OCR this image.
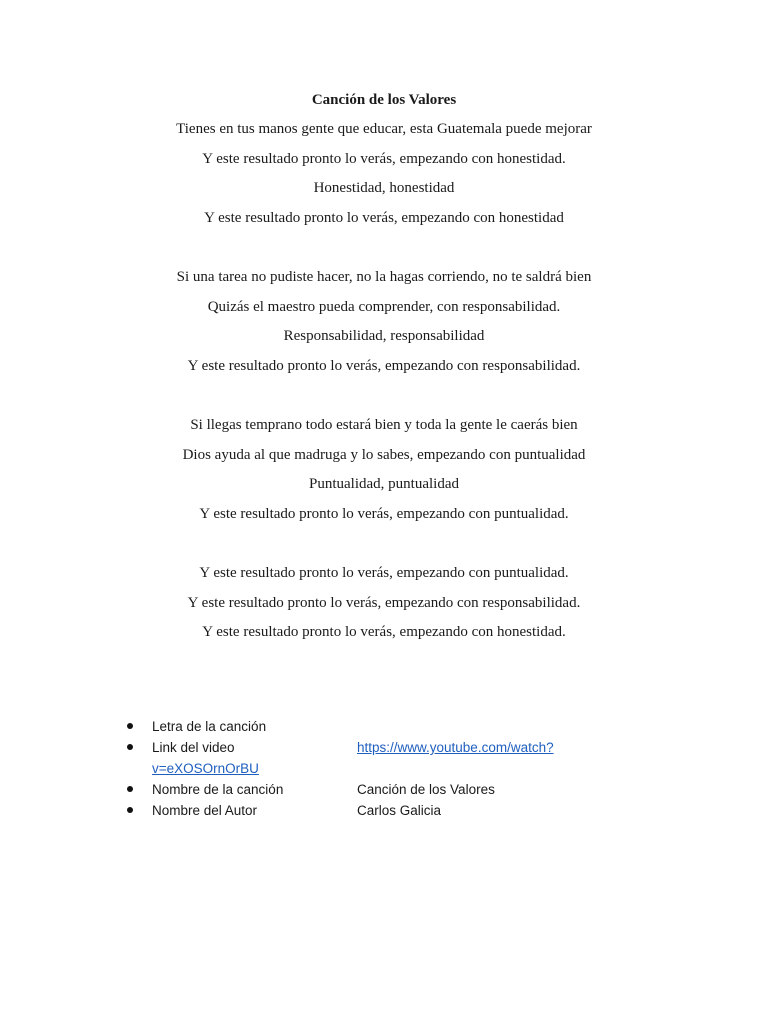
Canción de los Valores

Tienes en tus manos gente que educar, esta Guatemala puede mejorar

Y este resultado pronto lo verás, empezando con honestidad.

Honestidad, honestidad

Y este resultado pronto lo verás, empezando con honestidad

Si una tarea no pudiste hacer, no la hagas corriendo, no te saldrá bien

Quizás el maestro pueda comprender, con responsabilidad.

Responsabilidad, responsabilidad

Y este resultado pronto lo verás, empezando con responsabilidad.

Si llegas temprano todo estará bien y toda la gente le caerás bien

Dios ayuda al que madruga y lo sabes, empezando con puntualidad

Puntualidad, puntualidad

Y este resultado pronto lo verás, empezando con puntualidad.

Y este resultado pronto lo verás, empezando con puntualidad.

Y este resultado pronto lo verás, empezando con responsabilidad.

Y este resultado pronto lo verás, empezando con honestidad.

Letra de la canción
Link del video	https://www.youtube.com/watch?
v=eXOSOrnOrBU
Nombre de la canción	Canción de los Valores
Nombre del Autor	Carlos Galicia
